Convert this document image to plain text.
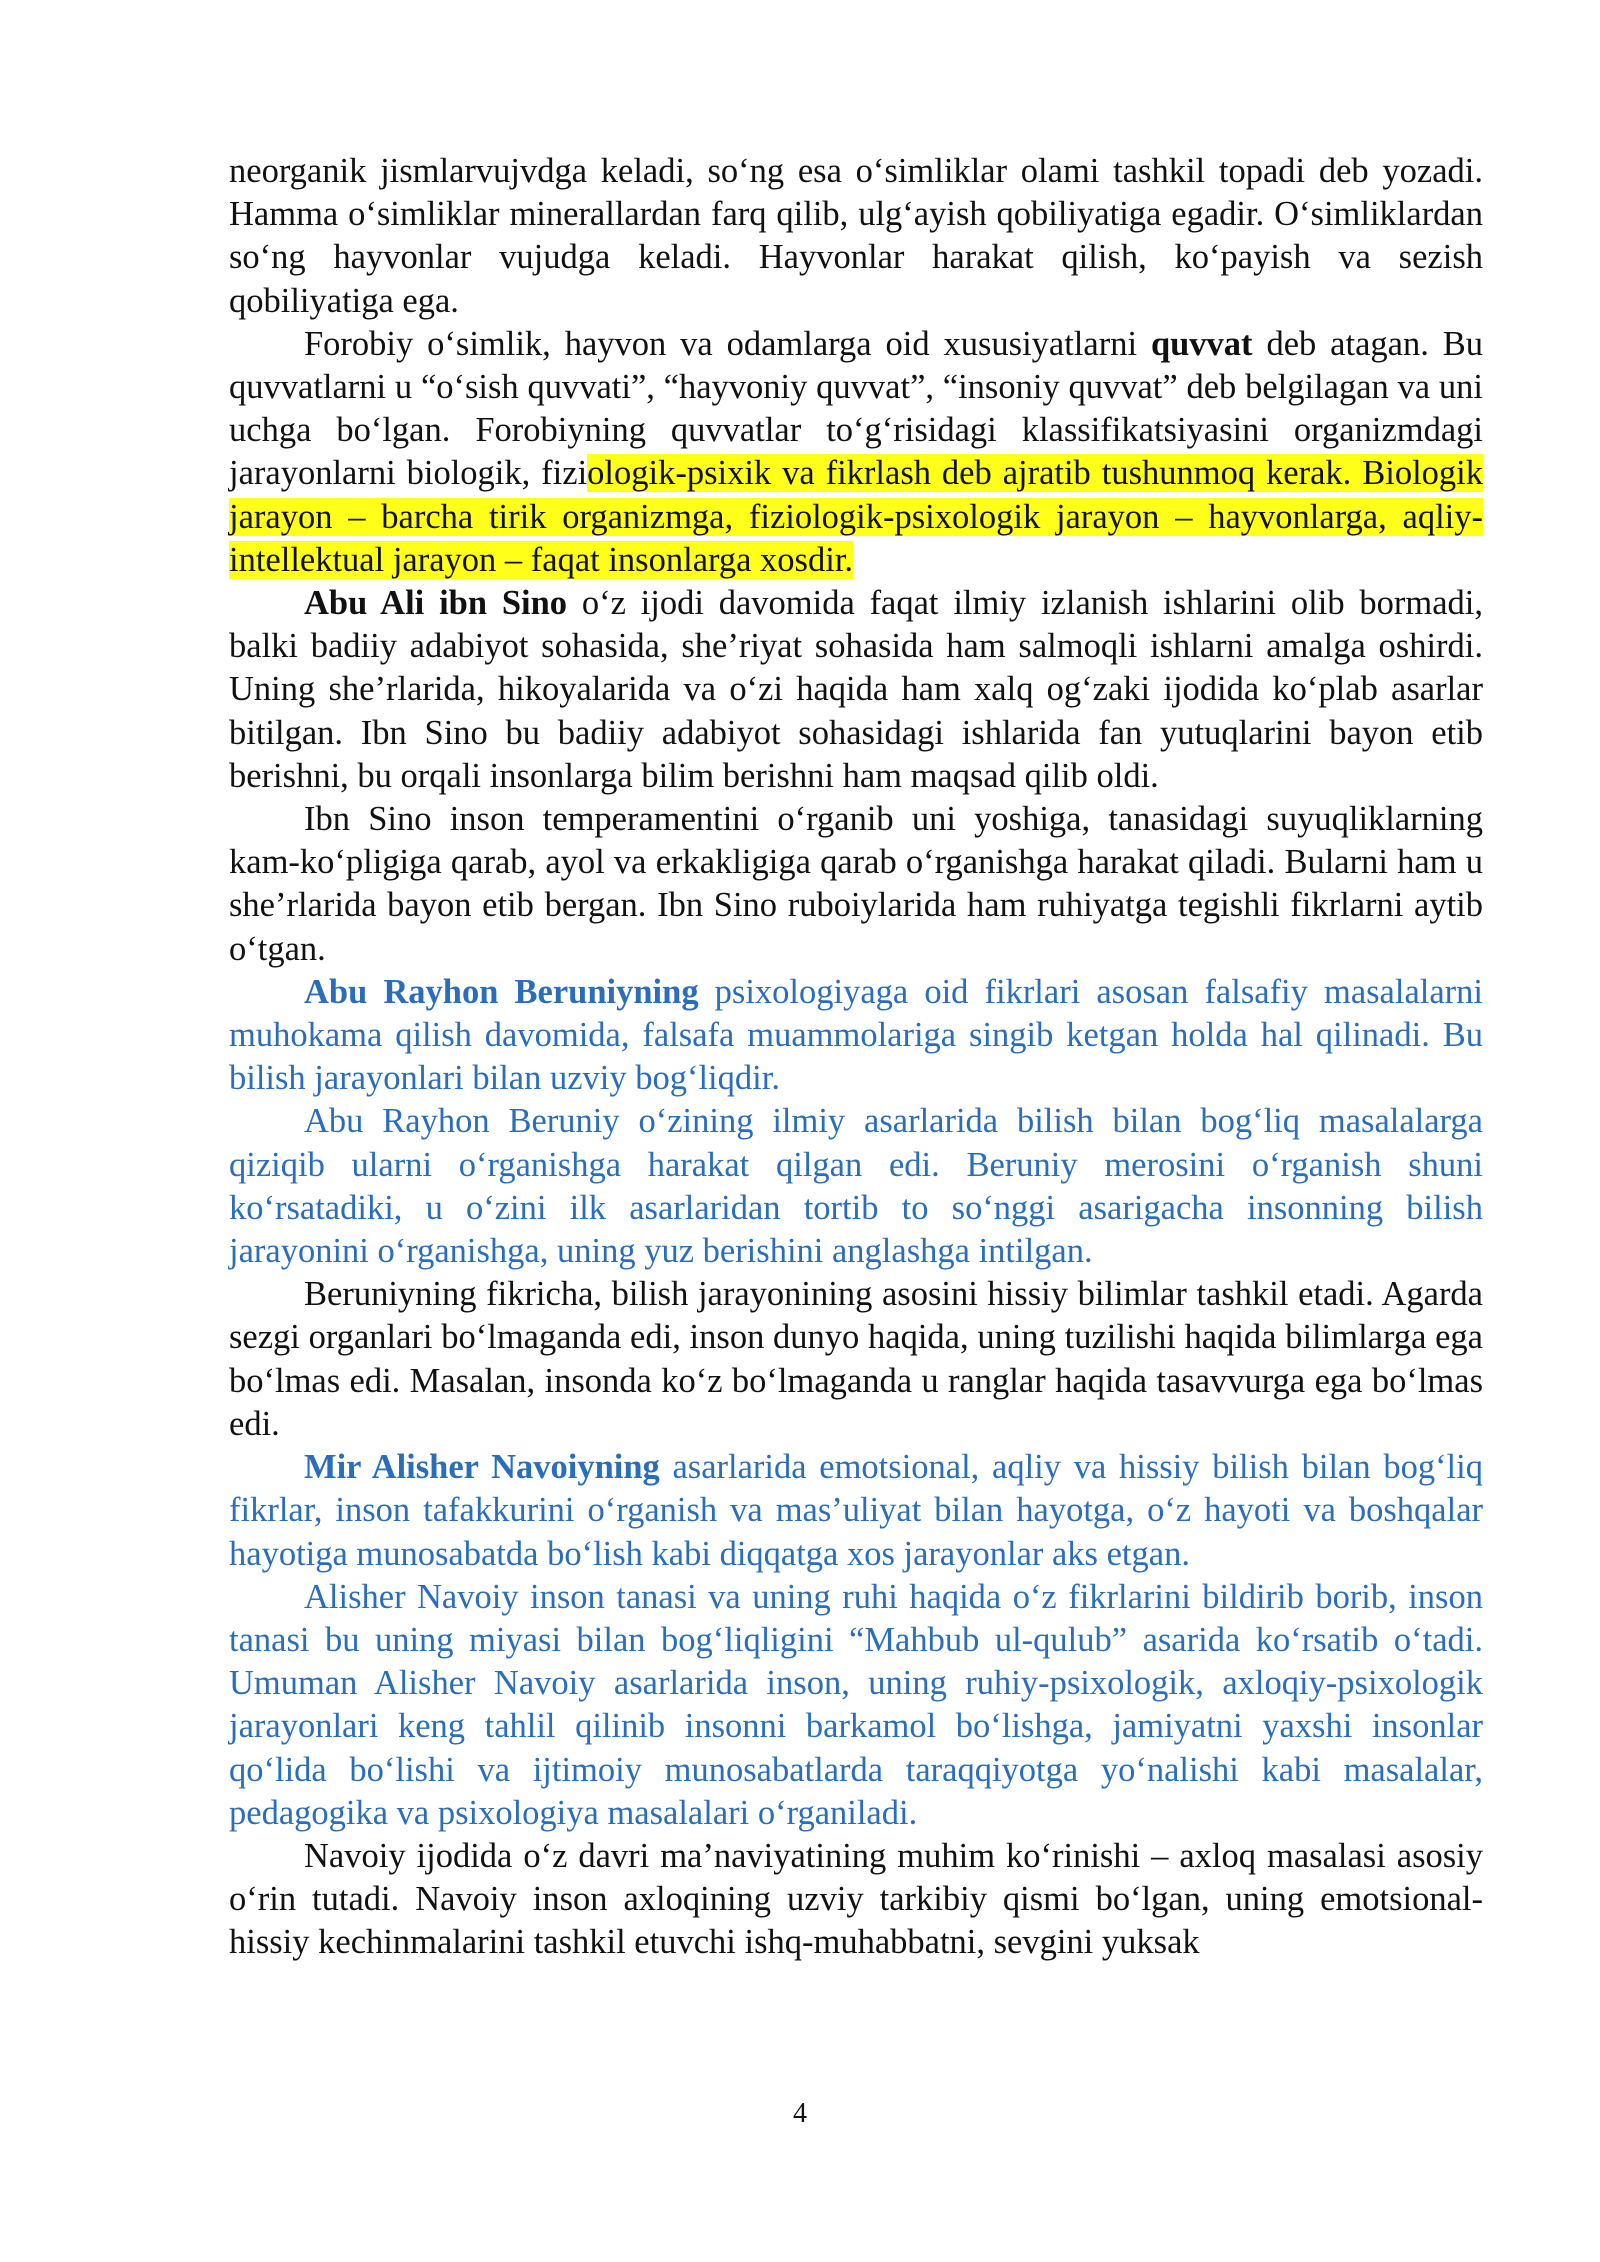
neorganik jismlarvujvdga keladi, so‘ng esa o‘simliklar olami tashkil topadi deb yozadi. Hamma o‘simliklar minerallardan farq qilib, ulg‘ayish qobiliyatiga egadir. O‘simliklardan so‘ng hayvonlar vujudga keladi. Hayvonlar harakat qilish, ko‘payish va sezish qobiliyatiga ega.

Forobiy o‘simlik, hayvon va odamlarga oid xususiyatlarni quvvat deb atagan. Bu quvvatlarni u “o‘sish quvvati”, “hayvoniy quvvat”, “insoniy quvvat” deb belgilagan va uni uchga bo‘lgan. Forobiyning quvvatlar to‘g‘risidagi klassifikatsiyasini organizmdagi jarayonlarni biologik, fiziologik-psixik va fikrlash deb ajratib tushunmoq kerak. Biologik jarayon – barcha tirik organizmga, fiziologik-psixologik jarayon – hayvonlarga, aqliy-intellektual jarayon – faqat insonlarga xosdir.

Abu Ali ibn Sino o‘z ijodi davomida faqat ilmiy izlanish ishlarini olib bormadi, balki badiiy adabiyot sohasida, she’riyat sohasida ham salmoqli ishlarni amalga oshirdi. Uning she’rlarida, hikoyalarida va o‘zi haqida ham xalq og‘zaki ijodida ko‘plab asarlar bitilgan. Ibn Sino bu badiiy adabiyot sohasidagi ishlarida fan yutuqlarini bayon etib berishni, bu orqali insonlarga bilim berishni ham maqsad qilib oldi.

Ibn Sino inson temperamentini o‘rganib uni yoshiga, tanasidagi suyuqliklarning kam-ko‘pligiga qarab, ayol va erkakligiga qarab o‘rganishga harakat qiladi. Bularni ham u she’rlarida bayon etib bergan. Ibn Sino ruboiylarida ham ruhiyatga tegishli fikrlarni aytib o‘tgan.

Abu Rayhon Beruniyning psixologiyaga oid fikrlari asosan falsafiy masalalarni muhokama qilish davomida, falsafa muammolariga singib ketgan holda hal qilinadi. Bu bilish jarayonlari bilan uzviy bog‘liqdir.

Abu Rayhon Beruniy o‘zining ilmiy asarlarida bilish bilan bog‘liq masalalarga qiziqib ularni o‘rganishga harakat qilgan edi. Beruniy merosini o‘rganish shuni ko‘rsatadiki, u o‘zini ilk asarlaridan tortib to so‘nggi asarigacha insonning bilish jarayonini o‘rganishga, uning yuz berishini anglashga intilgan.

Beruniyning fikricha, bilish jarayonining asosini hissiy bilimlar tashkil etadi. Agarda sezgi organlari bo‘lmaganda edi, inson dunyo haqida, uning tuzilishi haqida bilimlarga ega bo‘lmas edi. Masalan, insonda ko‘z bo‘lmaganda u ranglar haqida tasavvurga ega bo‘lmas edi.

Mir Alisher Navoiyning asarlarida emotsional, aqliy va hissiy bilish bilan bog‘liq fikrlar, inson tafakkurini o‘rganish va mas’uliyat bilan hayotga, o‘z hayoti va boshqalar hayotiga munosabatda bo‘lish kabi diqqatga xos jarayonlar aks etgan.

Alisher Navoiy inson tanasi va uning ruhi haqida o‘z fikrlarini bildirib borib, inson tanasi bu uning miyasi bilan bog‘liqligini “Mahbub ul-qulub” asarida ko‘rsatib o‘tadi. Umuman Alisher Navoiy asarlarida inson, uning ruhiy-psixologik, axloqiy-psixologik jarayonlari keng tahlil qilinib insonni barkamol bo‘lishga, jamiyatni yaxshi insonlar qo‘lida bo‘lishi va ijtimoiy munosabatlarda taraqqiyotga yo‘nalishi kabi masalalar, pedagogika va psixologiya masalalari o‘rganiladi.

Navoiy ijodida o‘z davri ma’naviyatining muhim ko‘rinishi – axloq masalasi asosiy o‘rin tutadi. Navoiy inson axloqining uzviy tarkibiy qismi bo‘lgan, uning emotsional-hissiy kechinmalarini tashkil etuvchi ishq-muhabbatni, sevgini yuksak

4
